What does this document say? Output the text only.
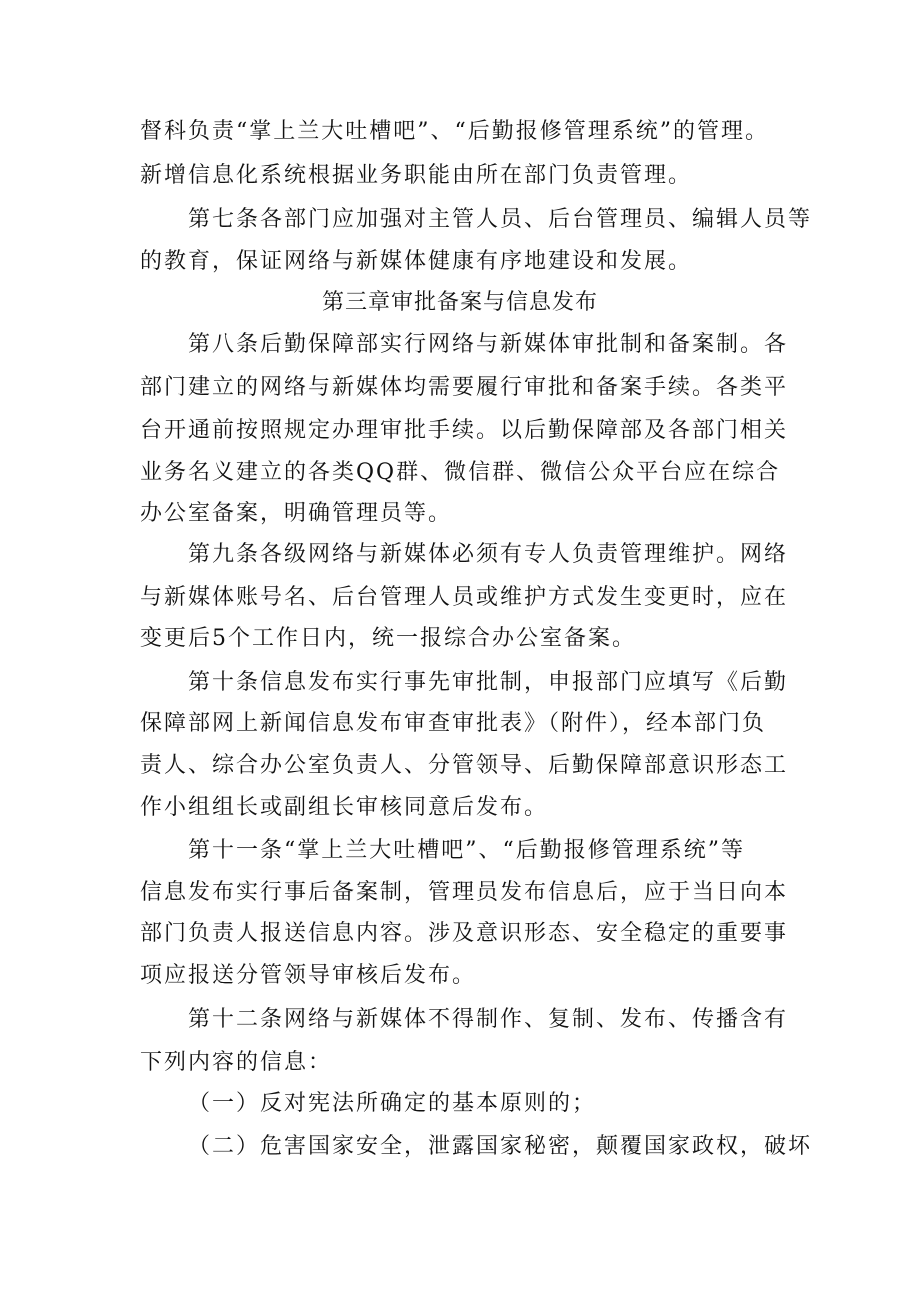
督科负责“掌上兰大吐槽吧”、“后勤报修管理系统”的管理。
新增信息化系统根据业务职能由所在部门负责管理。
第七条各部门应加强对主管人员、后台管理员、编辑人员等
的教育，保证网络与新媒体健康有序地建设和发展。
第三章审批备案与信息发布
第八条后勤保障部实行网络与新媒体审批制和备案制。各
部门建立的网络与新媒体均需要履行审批和备案手续。各类平
台开通前按照规定办理审批手续。以后勤保障部及各部门相关
业务名义建立的各类QQ群、微信群、微信公众平台应在综合
办公室备案，明确管理员等。
第九条各级网络与新媒体必须有专人负责管理维护。网络
与新媒体账号名、后台管理人员或维护方式发生变更时，应在
变更后5个工作日内，统一报综合办公室备案。
第十条信息发布实行事先审批制，申报部门应填写《后勤
保障部网上新闻信息发布审查审批表》（附件），经本部门负
责人、综合办公室负责人、分管领导、后勤保障部意识形态工
作小组组长或副组长审核同意后发布。
第十一条“掌上兰大吐槽吧”、“后勤报修管理系统”等
信息发布实行事后备案制，管理员发布信息后，应于当日向本
部门负责人报送信息内容。涉及意识形态、安全稳定的重要事
项应报送分管领导审核后发布。
第十二条网络与新媒体不得制作、复制、发布、传播含有
下列内容的信息：
（一）反对宪法所确定的基本原则的；
（二）危害国家安全，泄露国家秘密，颠覆国家政权，破坏
